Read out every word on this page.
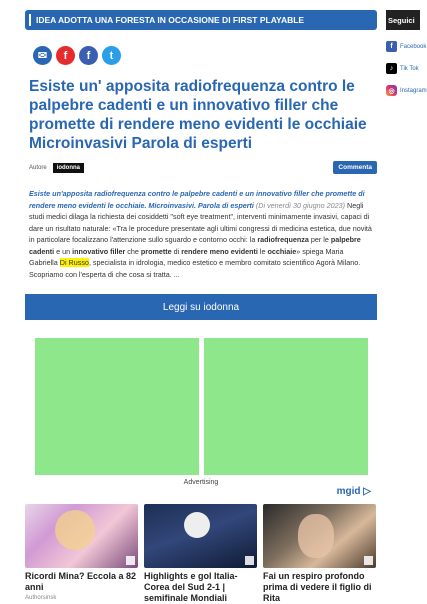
IDEA ADOTTA UNA FORESTA IN OCCASIONE DI FIRST PLAYABLE
✉	f	f	t
Esiste un' apposita radiofrequenza contro le palpebre cadenti e un innovativo filler che promette di rendere meno evidenti le occhiaie Microinvasivi Parola di esperti
Autore	iodonna	Commenta
Esiste un'apposita radiofrequenza contro le palpebre cadenti e un innovativo filler che promette di rendere meno evidenti le occhiaie. Microinvasivi. Parola di esperti (Di venerdì 30 giugno 2023) Negli studi medici dilaga la richiesta dei cosiddetti "soft eye treatment", interventi minimamente invasivi, capaci di dare un risultato naturale: «Tra le procedure presentate agli ultimi congressi di medicina estetica, due novità in particolare focalizzano l'attenzione sullo sguardo e contorno occhi: la radiofrequenza per le palpebre cadenti e un innovativo filler che promette di rendere meno evidenti le occhiaie» spiega Maria Gabriella Di Russo, specialista in idrologia, medico estetico e membro comitato scientifico Agorà Milano. Scopriamo con l'esperta di che cosa si tratta. ...
Leggi su iodonna
Advertising
mgid ▷
Ricordi Mina? Eccola a 82 anni
Authorsinsk
Highlights e gol Italia-Corea del Sud 2-1 | semifinale Mondiali
Fai un respiro profondo prima di vedere il figlio di Rita
Seguici
f	Facebook
♪	Tik Tok
◎ Instagram
